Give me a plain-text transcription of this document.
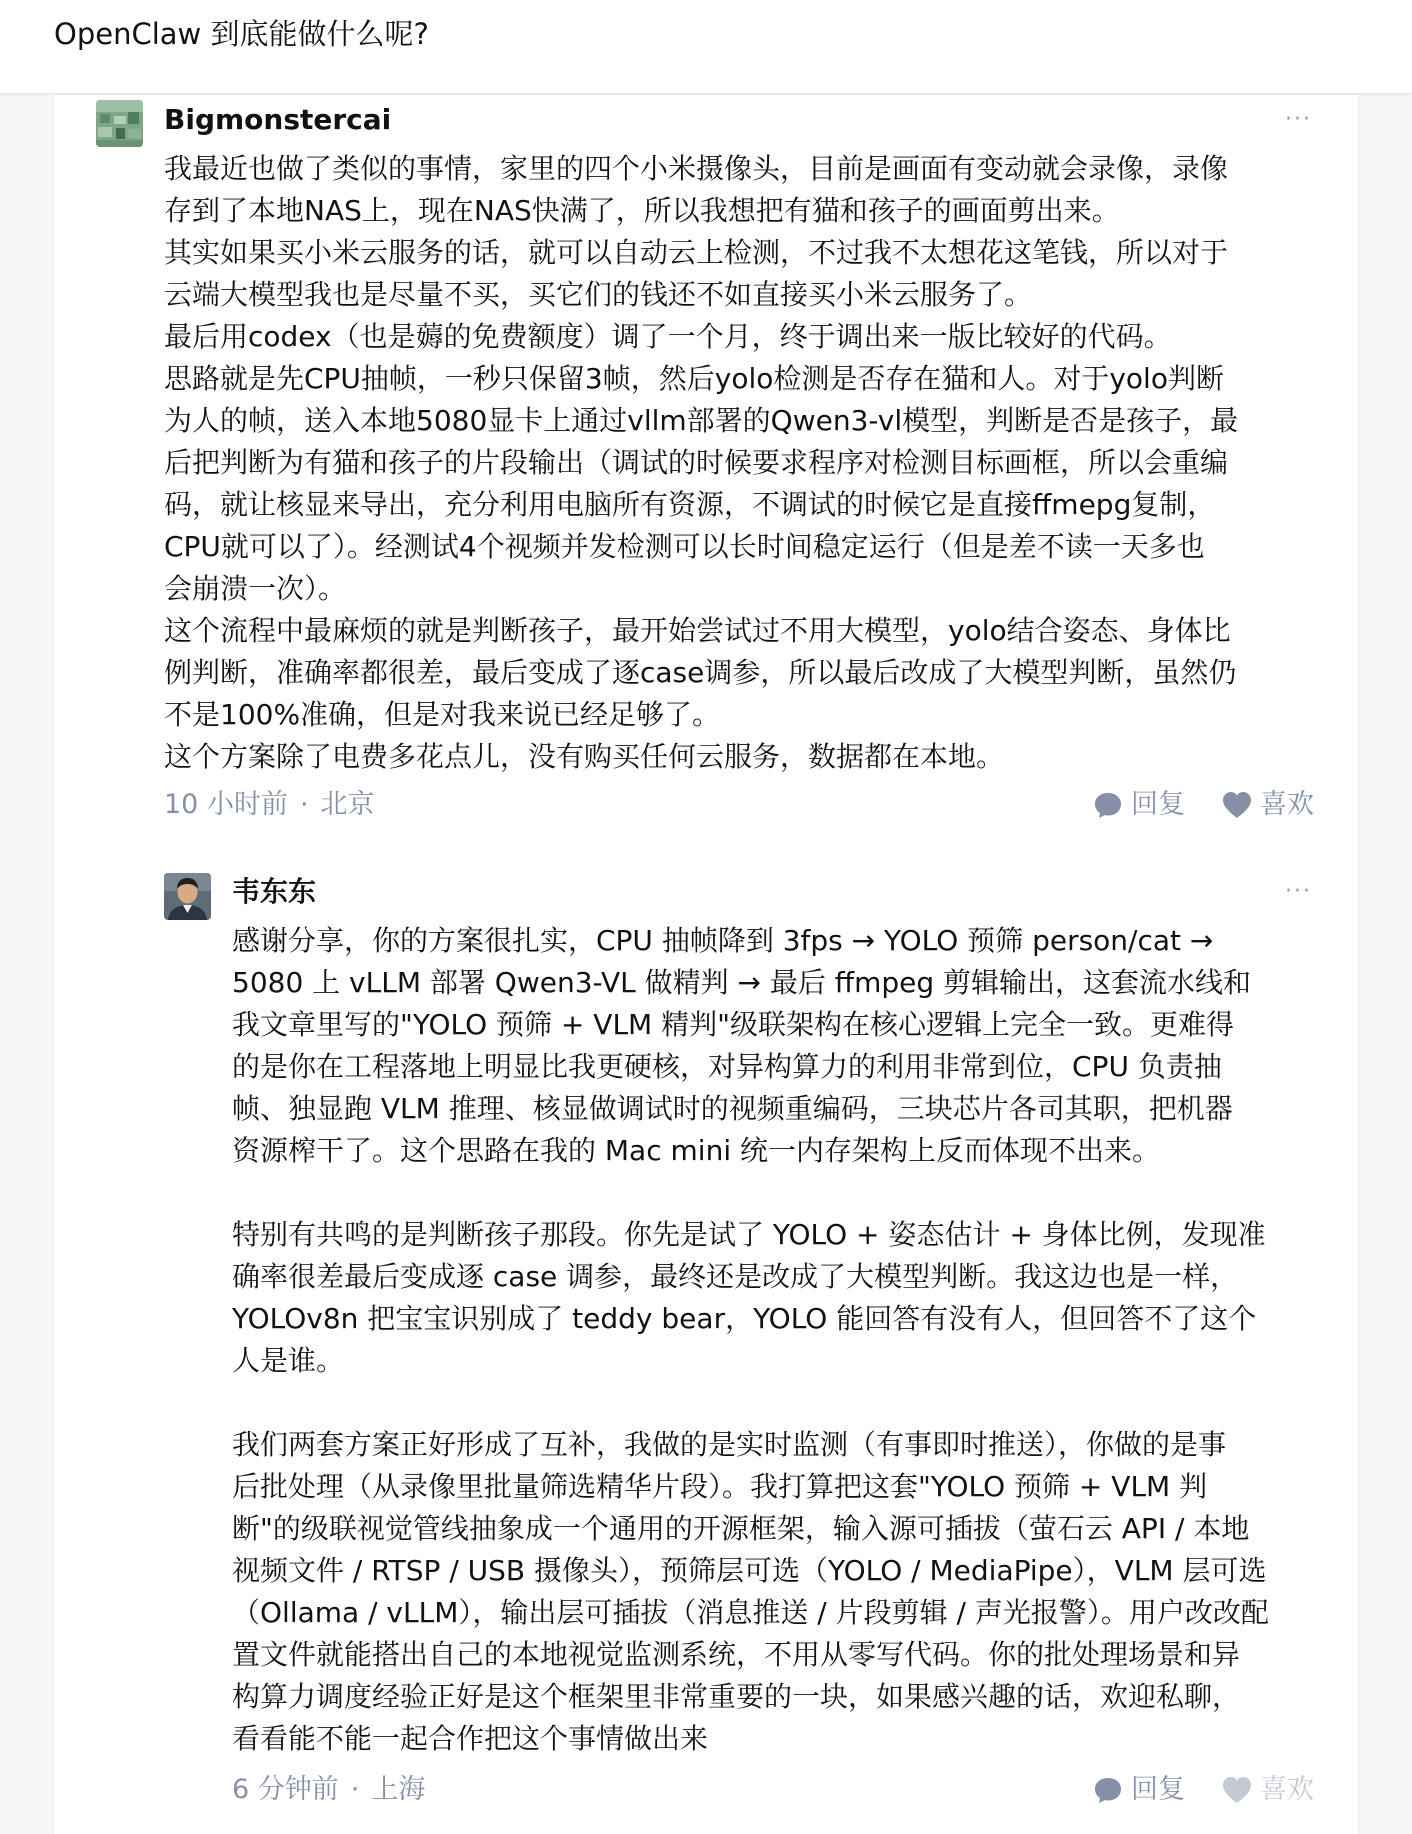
OpenClaw 到底能做什么呢?
Bigmonstercai	···

我最近也做了类似的事情，家里的四个小米摄像头，目前是画面有变动就会录像，录像

存到了本地NAS上，现在NAS快满了，所以我想把有猫和孩子的画面剪出来。

其实如果买小米云服务的话，就可以自动云上检测，不过我不太想花这笔钱，所以对于

云端大模型我也是尽量不买，买它们的钱还不如直接买小米云服务了。

最后用codex（也是薅的免费额度）调了一个月，终于调出来一版比较好的代码。

思路就是先CPU抽帧，一秒只保留3帧，然后yolo检测是否存在猫和人。对于yolo判断

为人的帧，送入本地5080显卡上通过vllm部署的Qwen3-vl模型，判断是否是孩子，最

后把判断为有猫和孩子的片段输出（调试的时候要求程序对检测目标画框，所以会重编

码，就让核显来导出，充分利用电脑所有资源，不调试的时候它是直接ffmepg复制，

CPU就可以了）。经测试4个视频并发检测可以长时间稳定运行（但是差不读一天多也

会崩溃一次）。

这个流程中最麻烦的就是判断孩子，最开始尝试过不用大模型，yolo结合姿态、身体比

例判断，准确率都很差，最后变成了逐case调参，所以最后改成了大模型判断，虽然仍

不是100%准确，但是对我来说已经足够了。

这个方案除了电费多花点儿，没有购买任何云服务，数据都在本地。

10 小时前 · 北京	回复	喜欢
韦东东	···

感谢分享，你的方案很扎实，CPU 抽帧降到 3fps → YOLO 预筛 person/cat →

5080 上 vLLM 部署 Qwen3-VL 做精判 → 最后 ffmpeg 剪辑输出，这套流水线和

我文章里写的"YOLO 预筛 + VLM 精判"级联架构在核心逻辑上完全一致。更难得

的是你在工程落地上明显比我更硬核，对异构算力的利用非常到位，CPU 负责抽

帧、独显跑 VLM 推理、核显做调试时的视频重编码，三块芯片各司其职，把机器

资源榨干了。这个思路在我的 Mac mini 统一内存架构上反而体现不出来。

特别有共鸣的是判断孩子那段。你先是试了 YOLO + 姿态估计 + 身体比例，发现准

确率很差最后变成逐 case 调参，最终还是改成了大模型判断。我这边也是一样，

YOLOv8n 把宝宝识别成了 teddy bear，YOLO 能回答有没有人，但回答不了这个

人是谁。

我们两套方案正好形成了互补，我做的是实时监测（有事即时推送），你做的是事

后批处理（从录像里批量筛选精华片段）。我打算把这套"YOLO 预筛 + VLM 判

断"的级联视觉管线抽象成一个通用的开源框架，输入源可插拔（萤石云 API / 本地

视频文件 / RTSP / USB 摄像头），预筛层可选（YOLO / MediaPipe），VLM 层可选

（Ollama / vLLM），输出层可插拔（消息推送 / 片段剪辑 / 声光报警）。用户改改配

置文件就能搭出自己的本地视觉监测系统，不用从零写代码。你的批处理场景和异

构算力调度经验正好是这个框架里非常重要的一块，如果感兴趣的话，欢迎私聊，

看看能不能一起合作把这个事情做出来

6 分钟前 · 上海	回复	喜欢
